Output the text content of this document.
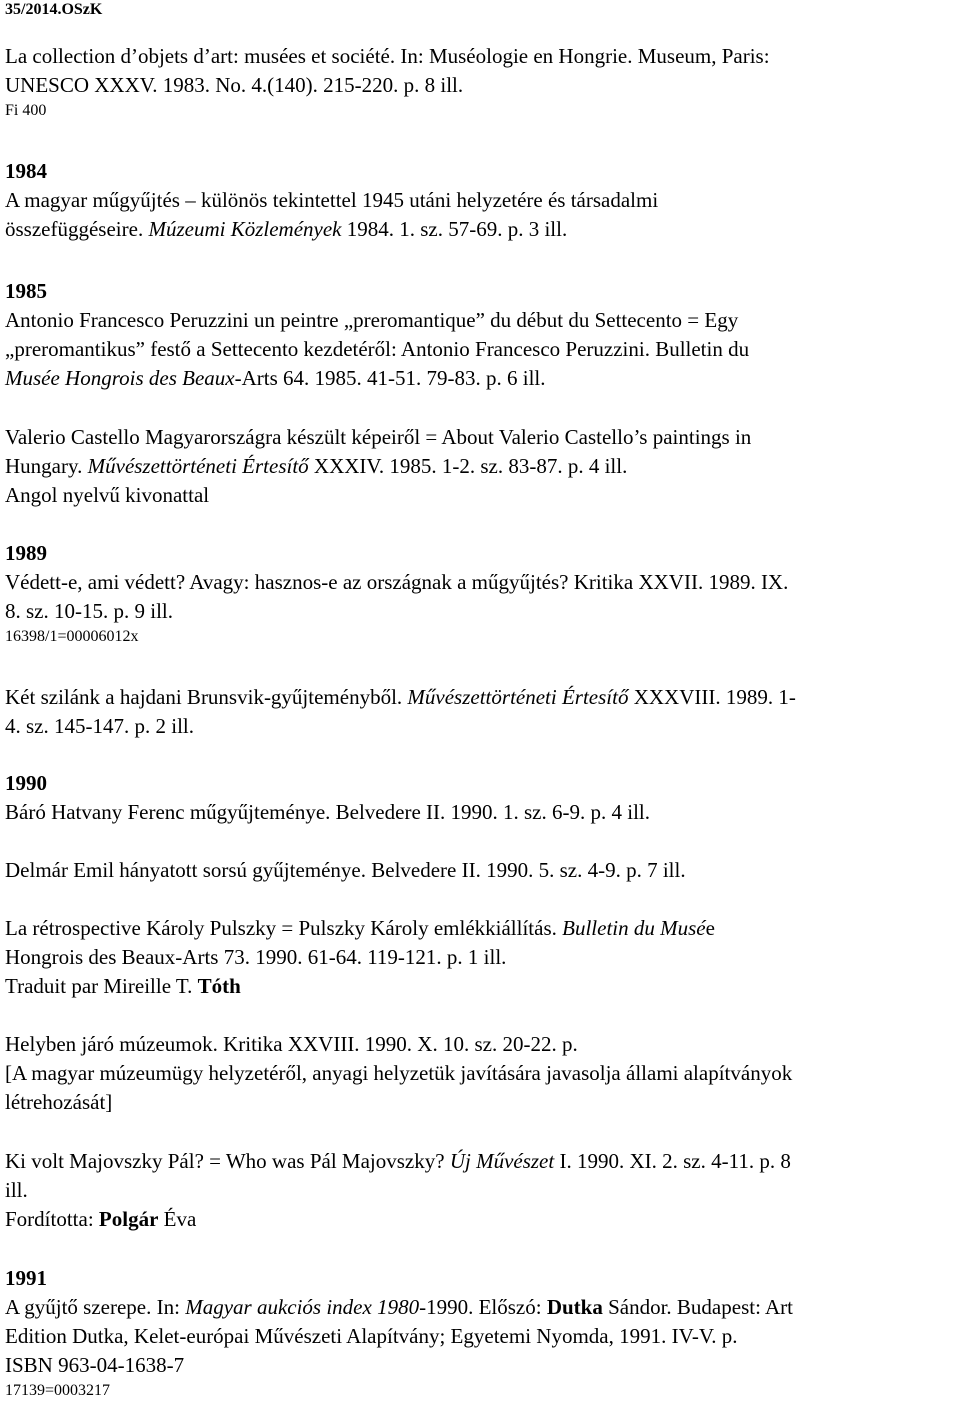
35/2014.OSzK
La collection d’objets d’art: musées et société. In: Muséologie en Hongrie. Museum, Paris:
UNESCO XXXV. 1983. No. 4.(140). 215-220. p. 8 ill.
Fi 400
1984
A magyar műgyűjtés – különös tekintettel 1945 utáni helyzetére és társadalmi
összefüggéseire. Múzeumi Közlemények 1984. 1. sz. 57-69. p. 3 ill.
1985
Antonio Francesco Peruzzini un peintre „preromantique” du début du Settecento = Egy
„preromantikus” festő a Settecento kezdetéről: Antonio Francesco Peruzzini. Bulletin du
Musée Hongrois des Beaux-Arts 64. 1985. 41-51. 79-83. p. 6 ill.
Valerio Castello Magyarországra készült képeiről = About Valerio Castello’s paintings in
Hungary. Művészettörténeti Értesítő XXXIV. 1985. 1-2. sz. 83-87. p. 4 ill.
Angol nyelvű kivonattal
1989
Védett-e, ami védett? Avagy: hasznos-e az országnak a műgyűjtés? Kritika XXVII. 1989. IX.
8. sz. 10-15. p. 9 ill.
16398/1=00006012x
Két szilánk a hajdani Brunsvik-gyűjteményből. Művészettörténeti Értesítő XXXVIII. 1989. 1-
4. sz. 145-147. p. 2 ill.
1990
Báró Hatvany Ferenc műgyűjteménye. Belvedere II. 1990. 1. sz. 6-9. p. 4 ill.
Delmár Emil hányatott sorsú gyűjteménye. Belvedere II. 1990. 5. sz. 4-9. p. 7 ill.
La rétrospective Károly Pulszky = Pulszky Károly emlékkiállítás. Bulletin du Musée
Hongrois des Beaux-Arts 73. 1990. 61-64. 119-121. p. 1 ill.
Traduit par Mireille T. Tóth
Helyben járó múzeumok. Kritika XXVIII. 1990. X. 10. sz. 20-22. p.
[A magyar múzeumügy helyzetéről, anyagi helyzetük javítására javasolja állami alapítványok
létrehozását]
Ki volt Majovszky Pál? = Who was Pál Majovszky? Új Művészet I. 1990. XI. 2. sz. 4-11. p. 8
ill.
Fordította: Polgár Éva
1991
A gyűjtő szerepe. In: Magyar aukciós index 1980-1990. Előszó: Dutka Sándor. Budapest: Art
Edition Dutka, Kelet-európai Művészeti Alapítvány; Egyetemi Nyomda, 1991. IV-V. p.
ISBN 963-04-1638-7
17139=0003217
